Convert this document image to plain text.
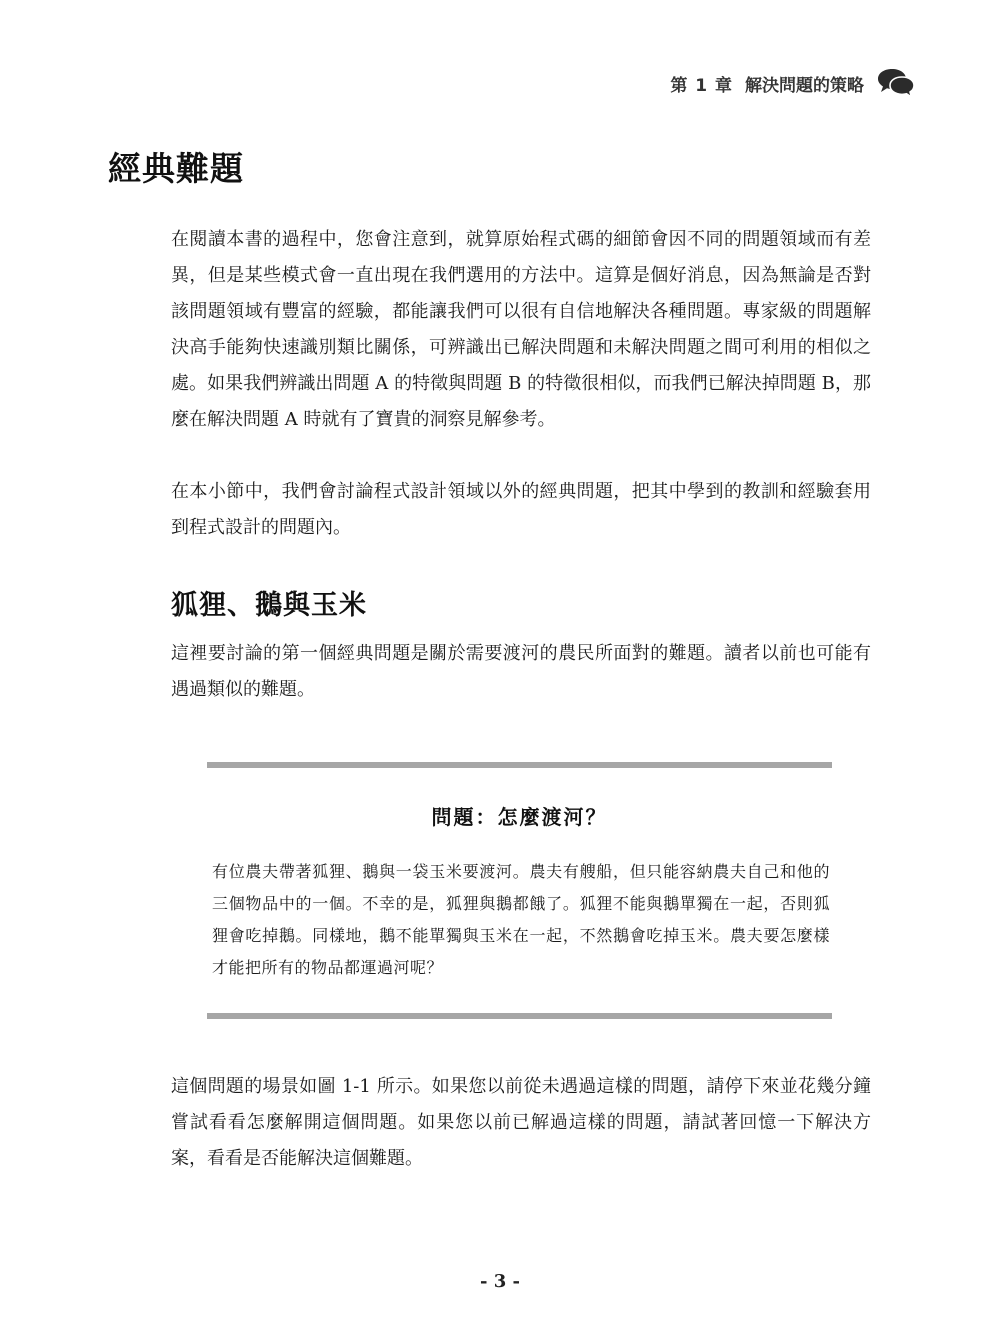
第 1 章 解決問題的策略
經典難題

在閱讀本書的過程中，您會注意到，就算原始程式碼的細節會因不同的問題領域而有差異，但是某些模式會一直出現在我們選用的方法中。這算是個好消息，因為無論是否對該問題領域有豐富的經驗，都能讓我們可以很有自信地解決各種問題。專家級的問題解決高手能夠快速識別類比關係，可辨識出已解決問題和未解決問題之間可利用的相似之處。如果我們辨識出問題 A 的特徵與問題 B 的特徵很相似，而我們已解決掉問題 B，那麼在解決問題 A 時就有了寶貴的洞察見解參考。

在本小節中，我們會討論程式設計領域以外的經典問題，把其中學到的教訓和經驗套用到程式設計的問題內。

狐狸、鵝與玉米

這裡要討論的第一個經典問題是關於需要渡河的農民所面對的難題。讀者以前也可能有遇過類似的難題。

問題：怎麼渡河？

有位農夫帶著狐狸、鵝與一袋玉米要渡河。農夫有艘船，但只能容納農夫自己和他的三個物品中的一個。不幸的是，狐狸與鵝都餓了。狐狸不能與鵝單獨在一起，否則狐狸會吃掉鵝。同樣地，鵝不能單獨與玉米在一起，不然鵝會吃掉玉米。農夫要怎麼樣才能把所有的物品都運過河呢？

這個問題的場景如圖 1-1 所示。如果您以前從未遇過這樣的問題，請停下來並花幾分鐘嘗試看看怎麼解開這個問題。如果您以前已解過這樣的問題，請試著回憶一下解決方案，看看是否能解決這個難題。

- 3 -
